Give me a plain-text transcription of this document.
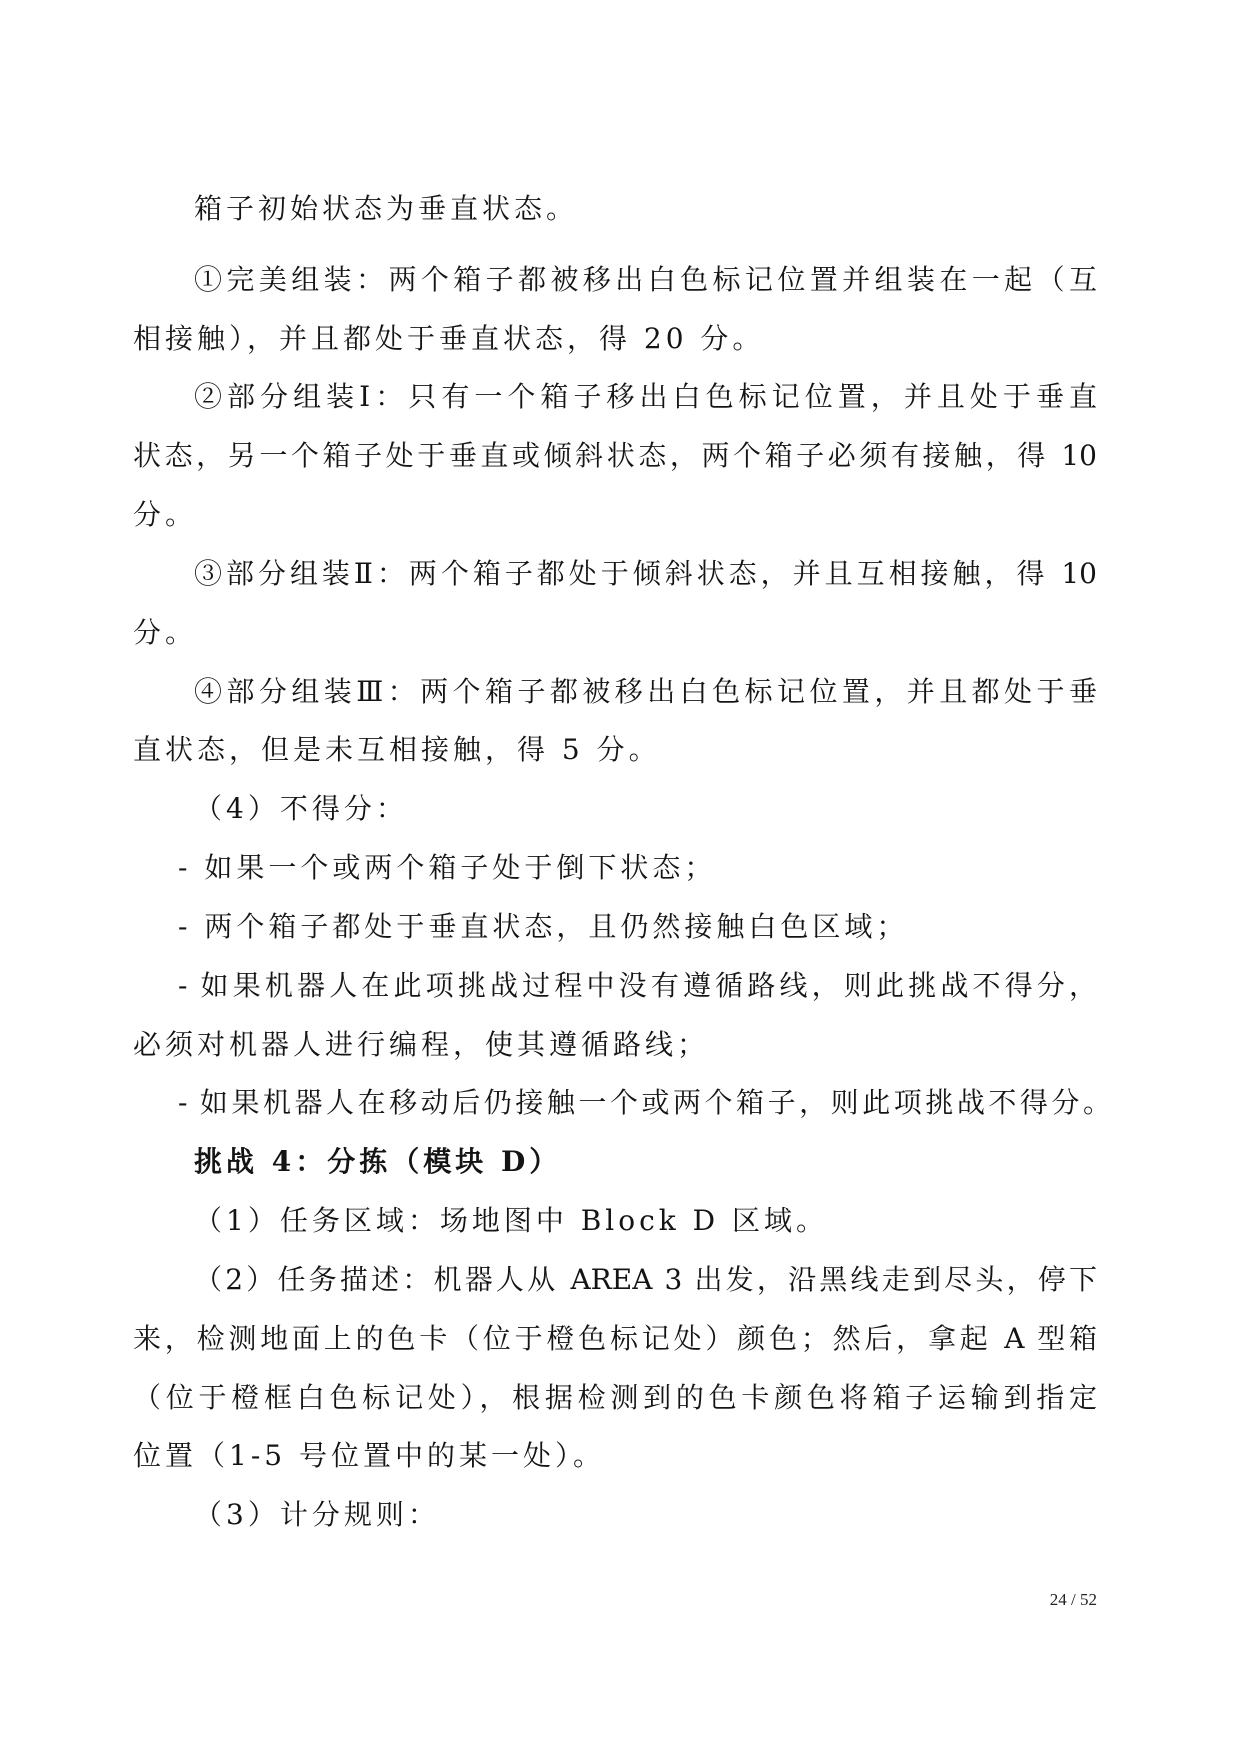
箱子初始状态为垂直状态。
①完美组装：两个箱子都被移出白色标记位置并组装在一起（互
相接触），并且都处于垂直状态，得 20 分。
②部分组装Ⅰ：只有一个箱子移出白色标记位置，并且处于垂直
状态，另一个箱子处于垂直或倾斜状态，两个箱子必须有接触，得 10
分。
③部分组装Ⅱ：两个箱子都处于倾斜状态，并且互相接触，得 10
分。
④部分组装Ⅲ：两个箱子都被移出白色标记位置，并且都处于垂
直状态，但是未互相接触，得 5 分。
（4）不得分：
- 如果一个或两个箱子处于倒下状态；
- 两个箱子都处于垂直状态，且仍然接触白色区域；
- 如果机器人在此项挑战过程中没有遵循路线，则此挑战不得分，
必须对机器人进行编程，使其遵循路线；
- 如果机器人在移动后仍接触一个或两个箱子，则此项挑战不得分。
挑战 4：分拣（模块 D）
（1）任务区域：场地图中 Block D 区域。
（2）任务描述：机器人从 AREA 3 出发，沿黑线走到尽头，停下
来，检测地面上的色卡（位于橙色标记处）颜色；然后，拿起 A 型箱
（位于橙框白色标记处），根据检测到的色卡颜色将箱子运输到指定
位置（1-5 号位置中的某一处）。
（3）计分规则：
24 / 52
